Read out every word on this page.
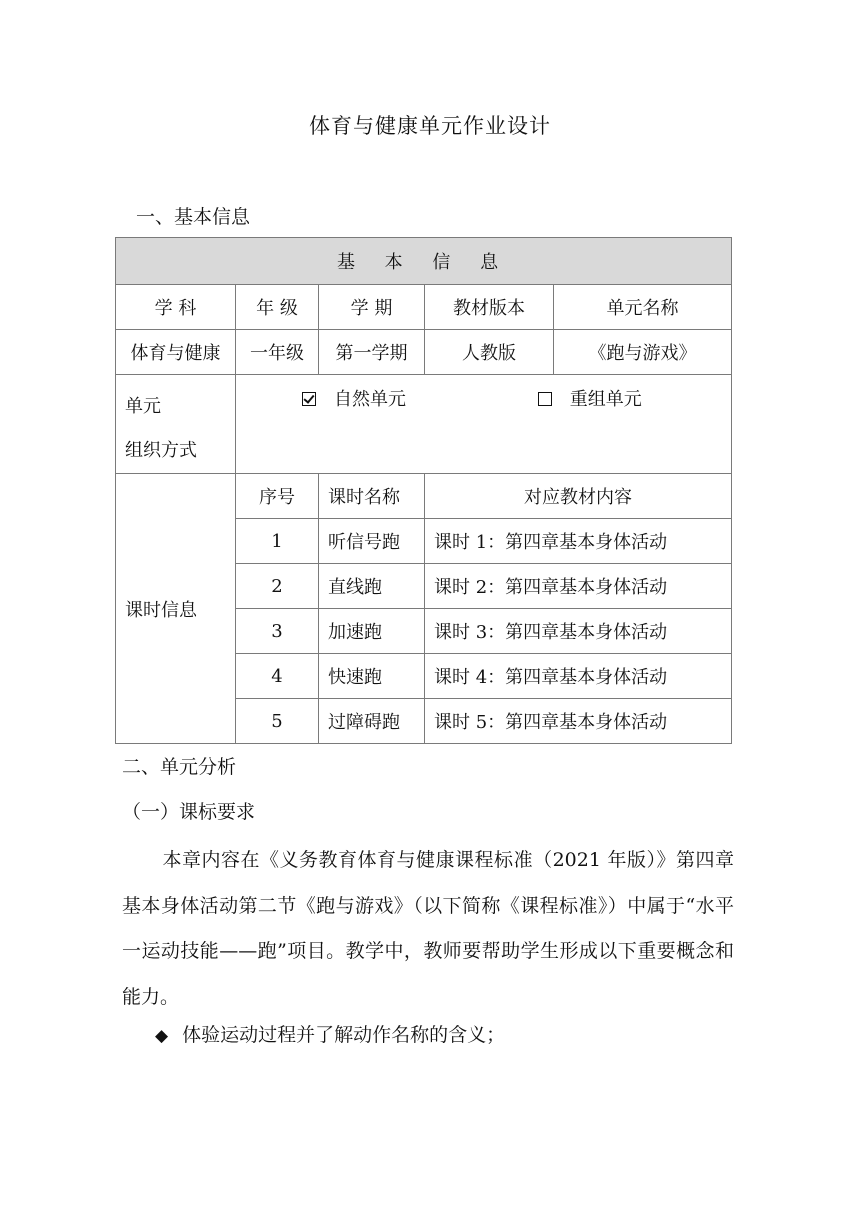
体育与健康单元作业设计
一、基本信息
基 本 信 息				
学 科	年 级	学 期	教材版本	单元名称
体育与健康	一年级	第一学期	人教版	《跑与游戏》

单元
组织方式	自然单元 重组单元			
课时信息	序号	课时名称	对应教材内容	
	1	听信号跑	课时 1：第四章基本身体活动	
	2	直线跑	课时 2：第四章基本身体活动	
	3	加速跑	课时 3：第四章基本身体活动	
	4	快速跑	课时 4：第四章基本身体活动	
	5	过障碍跑	课时 5：第四章基本身体活动	
二、单元分析
（一）课标要求
本章内容在《义务教育体育与健康课程标准（2021 年版）》第四章基本身体活动第二节《跑与游戏》（以下简称《课程标准》）中属于“水平一运动技能——跑”项目。教学中，教师要帮助学生形成以下重要概念和能力。
◆ 体验运动过程并了解动作名称的含义；
